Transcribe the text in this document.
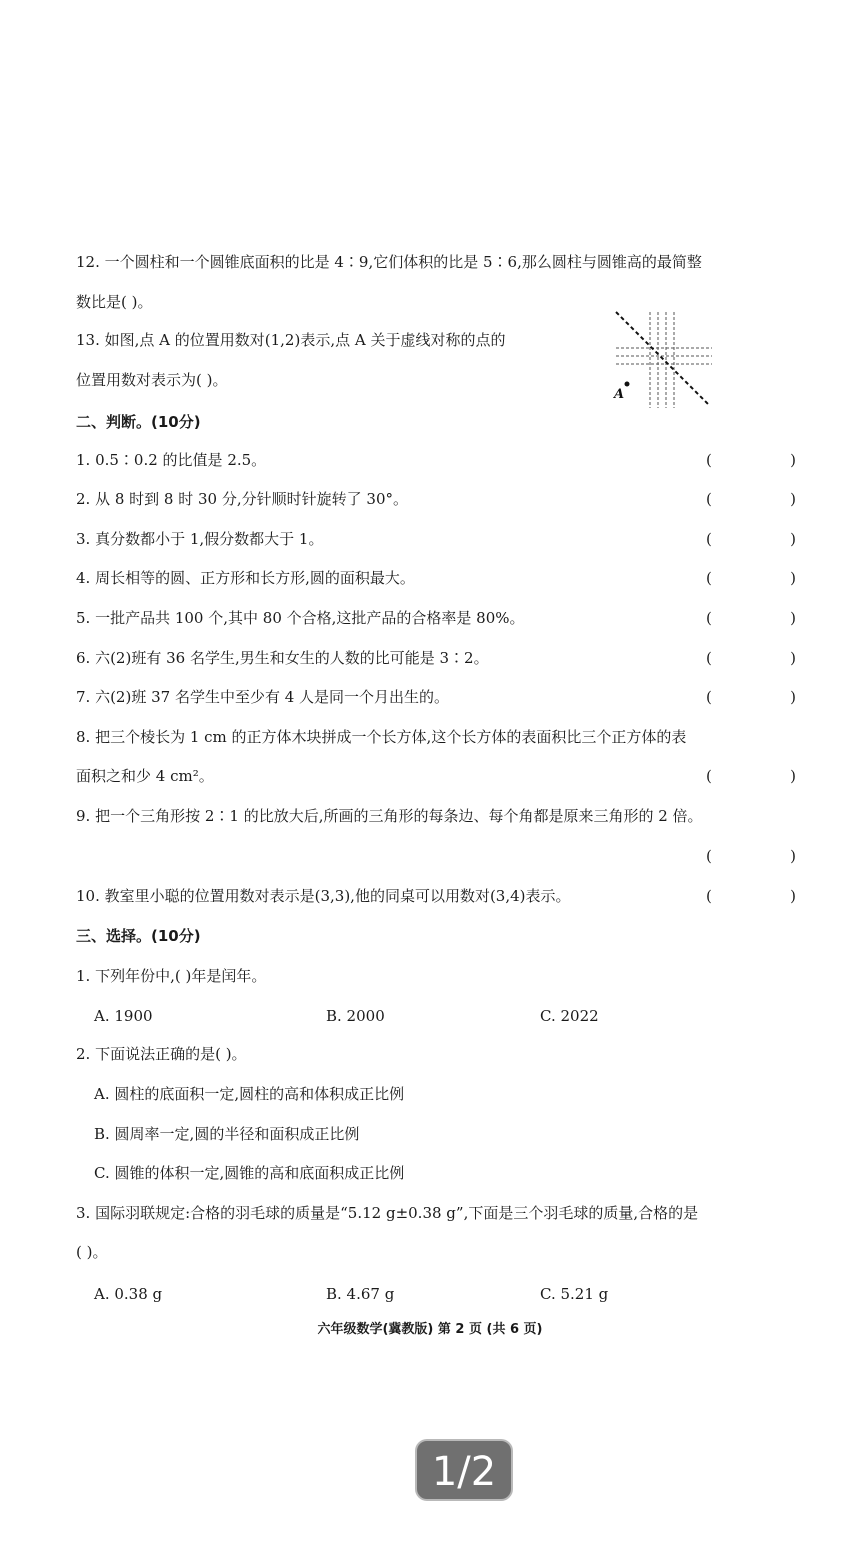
12. 一个圆柱和一个圆锥底面积的比是 4∶9,它们体积的比是 5∶6,那么圆柱与圆锥高的最简整
数比是( )。
13. 如图,点 A 的位置用数对(1,2)表示,点 A 关于虚线对称的点的
位置用数对表示为( )。
A
二、判断。(10分)
1. 0.5∶0.2 的比值是 2.5。	(	)
2. 从 8 时到 8 时 30 分,分针顺时针旋转了 30°。	(	)
3. 真分数都小于 1,假分数都大于 1。	(	)
4. 周长相等的圆、正方形和长方形,圆的面积最大。	(	)
5. 一批产品共 100 个,其中 80 个合格,这批产品的合格率是 80%。	(	)
6. 六(2)班有 36 名学生,男生和女生的人数的比可能是 3∶2。	(	)
7. 六(2)班 37 名学生中至少有 4 人是同一个月出生的。	(	)
8. 把三个棱长为 1 cm 的正方体木块拼成一个长方体,这个长方体的表面积比三个正方体的表
面积之和少 4 cm²。	(	)
9. 把一个三角形按 2∶1 的比放大后,所画的三角形的每条边、每个角都是原来三角形的 2 倍。
(	)
10. 教室里小聪的位置用数对表示是(3,3),他的同桌可以用数对(3,4)表示。	(	)
三、选择。(10分)
1. 下列年份中,( )年是闰年。
A. 1900	B. 2000	C. 2022
2. 下面说法正确的是( )。
A. 圆柱的底面积一定,圆柱的高和体积成正比例
B. 圆周率一定,圆的半径和面积成正比例
C. 圆锥的体积一定,圆锥的高和底面积成正比例
3. 国际羽联规定:合格的羽毛球的质量是“5.12 g±0.38 g”,下面是三个羽毛球的质量,合格的是
( )。
A. 0.38 g	B. 4.67 g	C. 5.21 g
六年级数学(冀教版) 第 2 页 (共 6 页)
1/2
